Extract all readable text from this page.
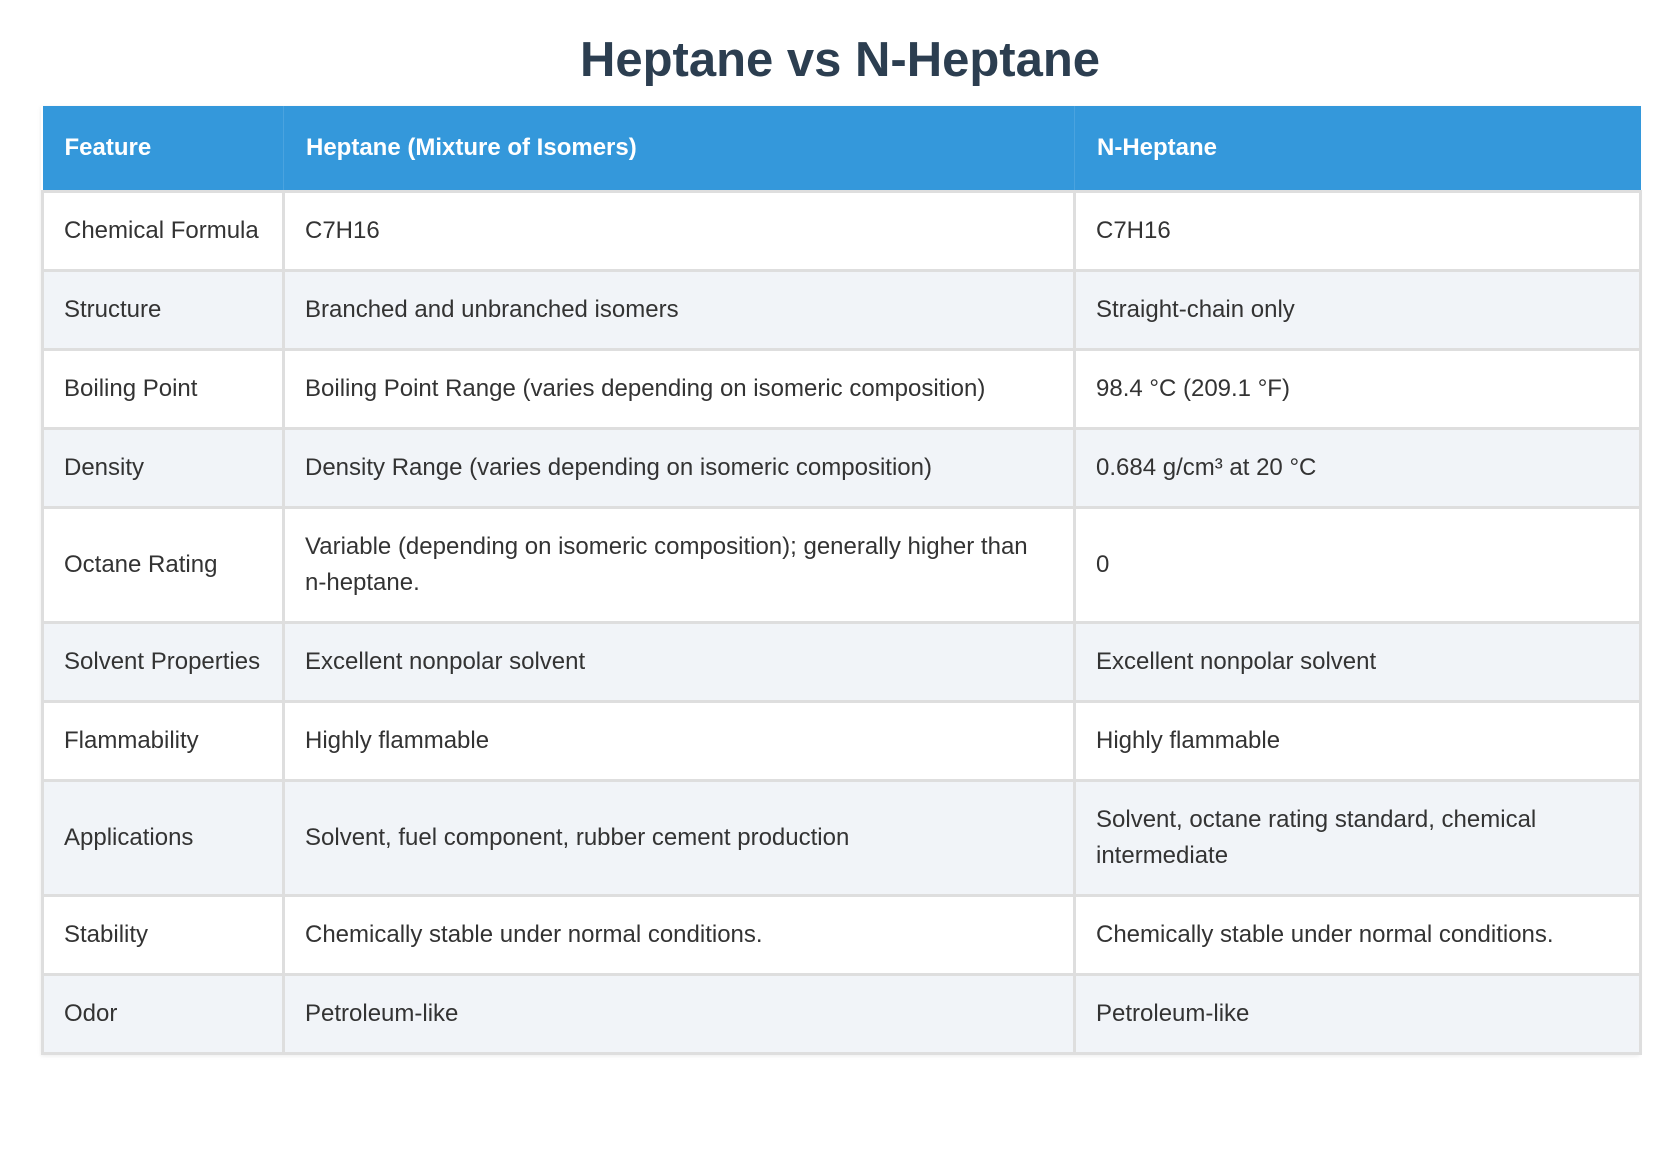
Heptane vs N-Heptane
Feature	Heptane (Mixture of Isomers)	N-Heptane
Chemical Formula	C7H16	C7H16
Structure	Branched and unbranched isomers	Straight-chain only
Boiling Point	Boiling Point Range (varies depending on isomeric composition)	98.4 °C (209.1 °F)
Density	Density Range (varies depending on isomeric composition)	0.684 g/cm³ at 20 °C
Octane Rating	Variable (depending on isomeric composition); generally higher than n-heptane.	0
Solvent Properties	Excellent nonpolar solvent	Excellent nonpolar solvent
Flammability	Highly flammable	Highly flammable
Applications	Solvent, fuel component, rubber cement production	Solvent, octane rating standard, chemical intermediate
Stability	Chemically stable under normal conditions.	Chemically stable under normal conditions.
Odor	Petroleum-like	Petroleum-like
